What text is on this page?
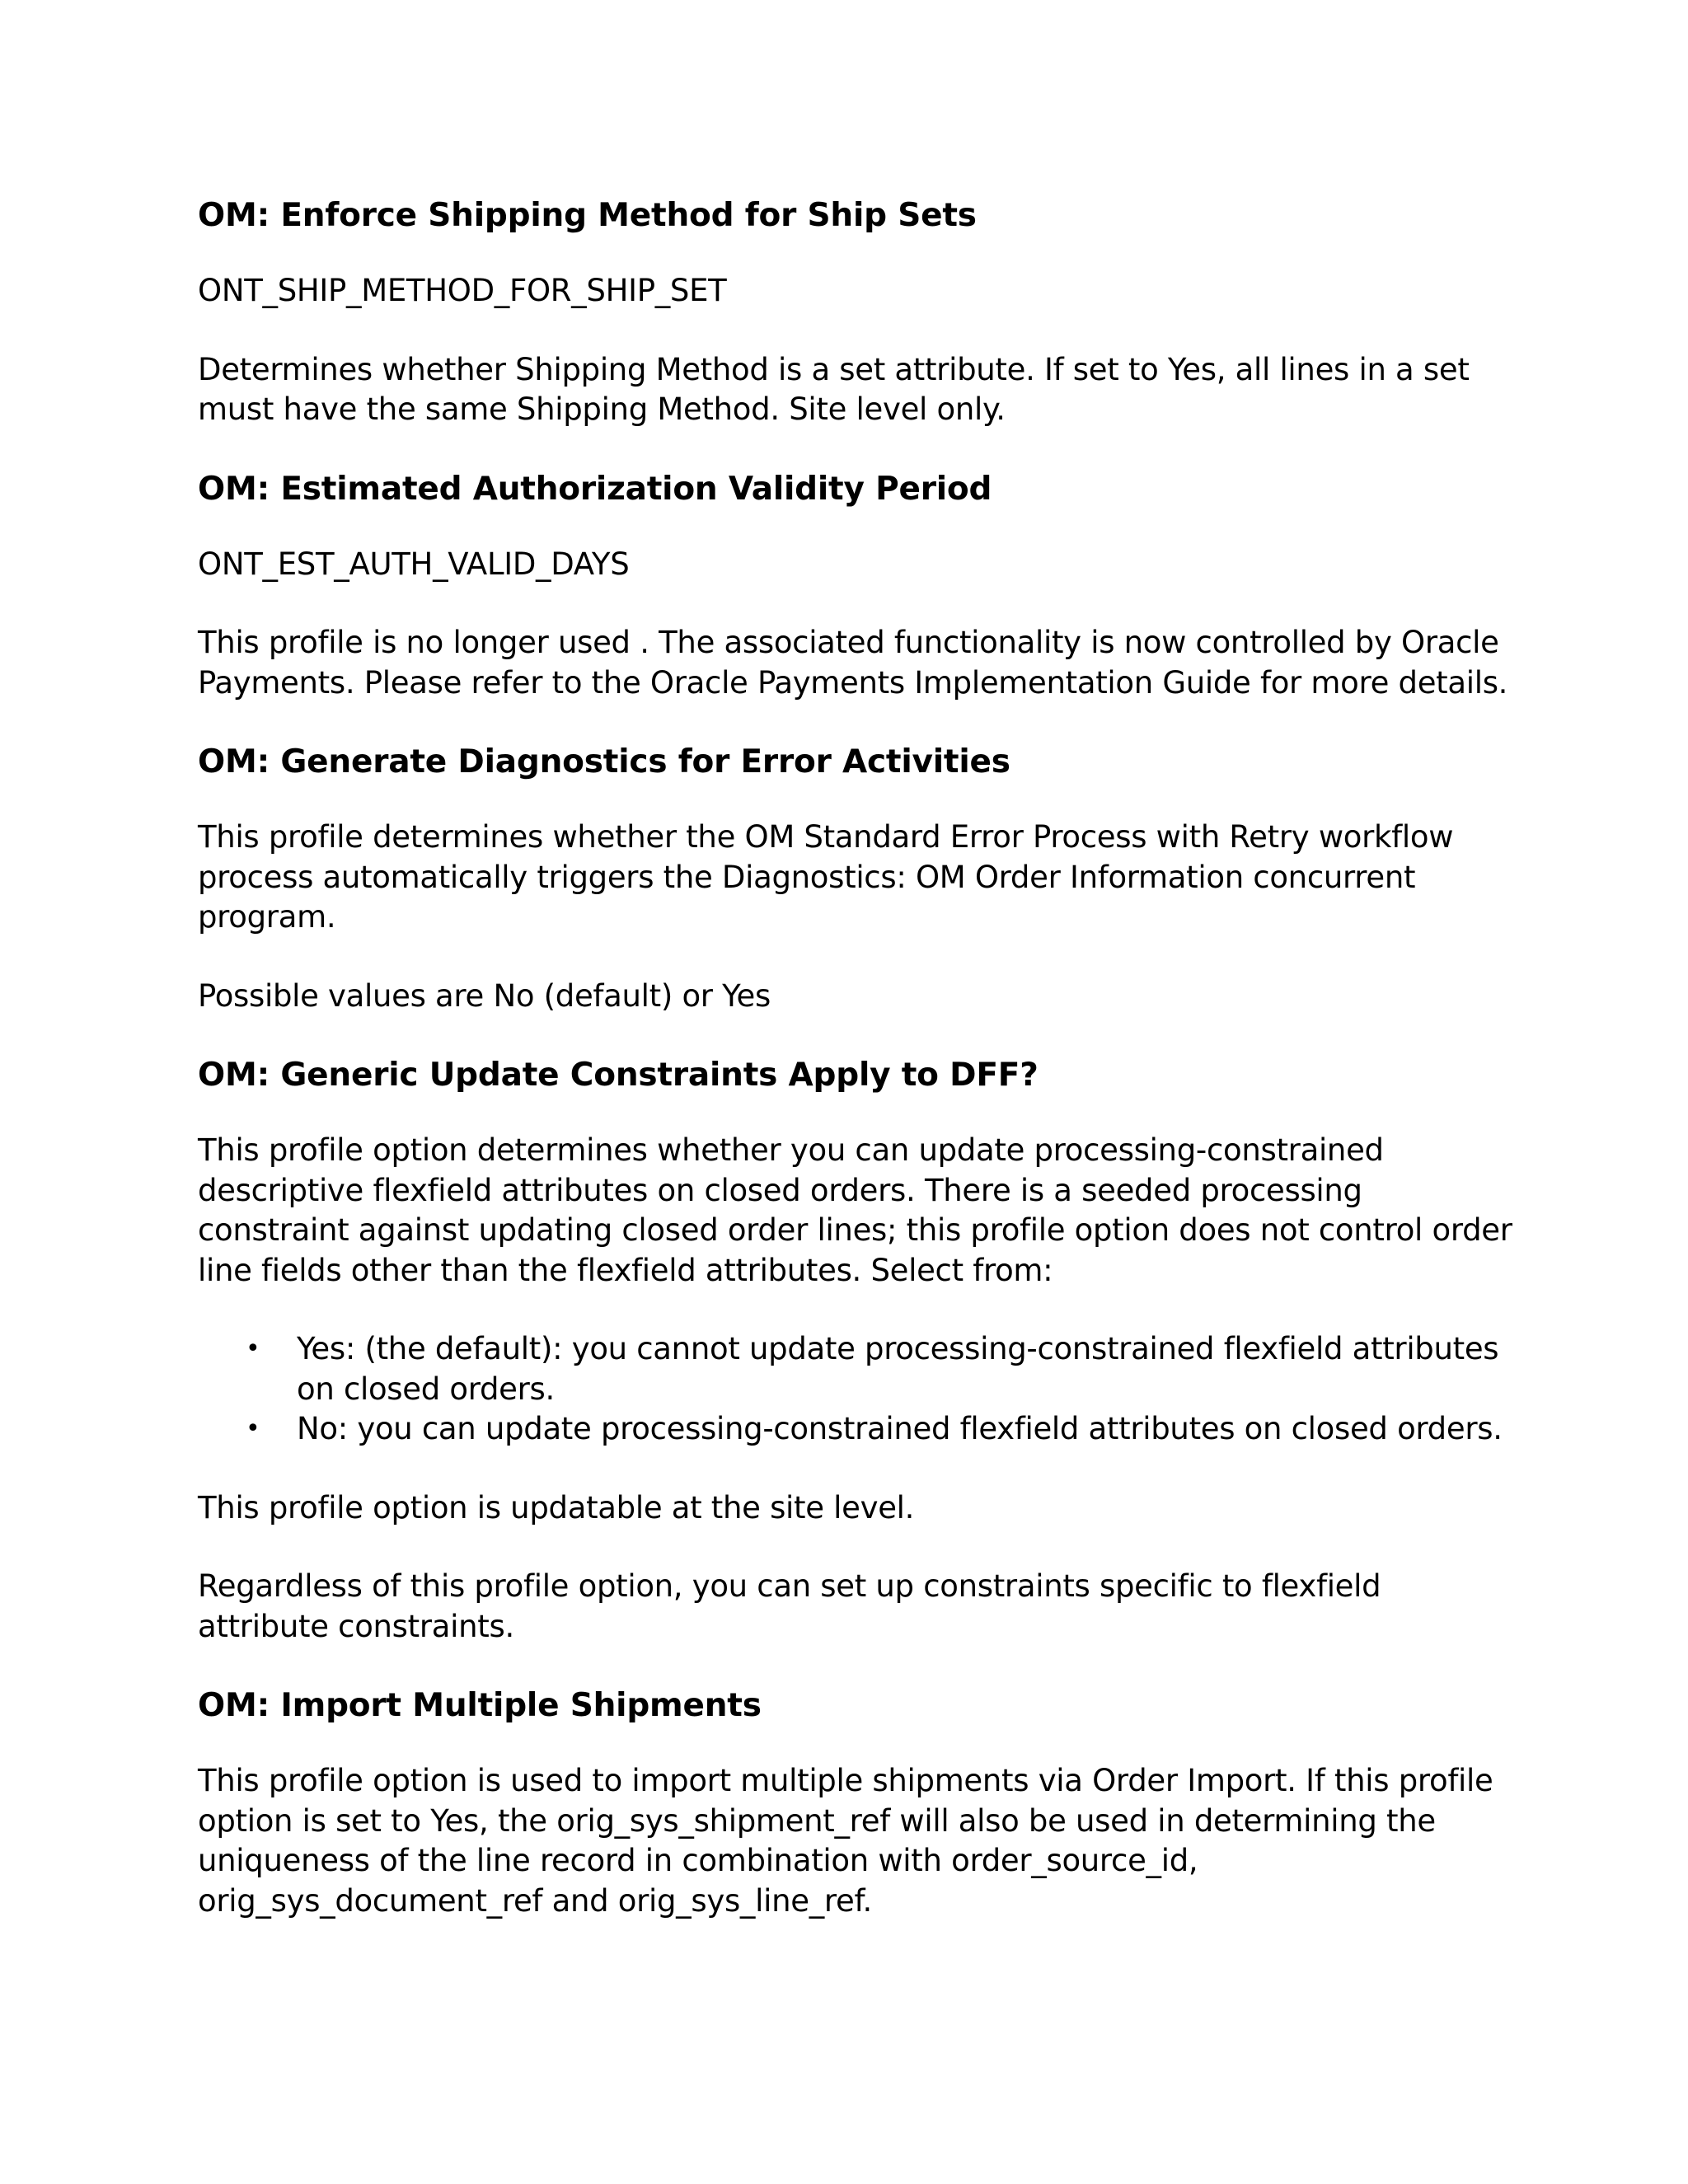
OM: Enforce Shipping Method for Ship Sets

ONT_SHIP_METHOD_FOR_SHIP_SET

Determines whether Shipping Method is a set attribute. If set to Yes, all lines in a set must have the same Shipping Method. Site level only.

OM: Estimated Authorization Validity Period

ONT_EST_AUTH_VALID_DAYS

This profile is no longer used . The associated functionality is now controlled by Oracle Payments. Please refer to the Oracle Payments Implementation Guide for more details.

OM: Generate Diagnostics for Error Activities

This profile determines whether the OM Standard Error Process with Retry workflow process automatically triggers the Diagnostics: OM Order Information concurrent program.

Possible values are No (default) or Yes

OM: Generic Update Constraints Apply to DFF?

This profile option determines whether you can update processing-constrained descriptive flexfield attributes on closed orders. There is a seeded processing constraint against updating closed order lines; this profile option does not control order line fields other than the flexfield attributes. Select from:

• Yes: (the default): you cannot update processing-constrained flexfield attributes on closed orders.
• No: you can update processing-constrained flexfield attributes on closed orders.

This profile option is updatable at the site level.

Regardless of this profile option, you can set up constraints specific to flexfield attribute constraints.

OM: Import Multiple Shipments

This profile option is used to import multiple shipments via Order Import. If this profile option is set to Yes, the orig_sys_shipment_ref will also be used in determining the uniqueness of the line record in combination with order_source_id, orig_sys_document_ref and orig_sys_line_ref.
